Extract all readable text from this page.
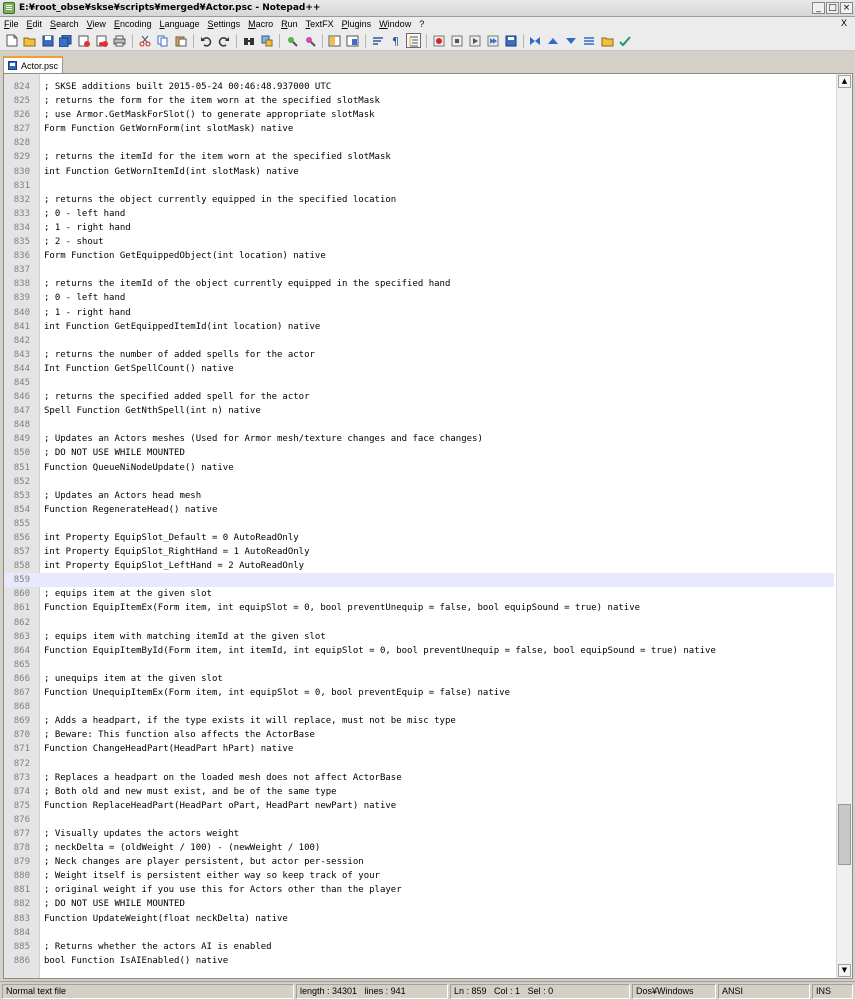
E:¥root_obse¥skse¥scripts¥merged¥Actor.psc - Notepad++	_ □ ×
File Edit Search View Encoding Language Settings Macro Run TextFX Plugins Window ?	X
¶
Actor.psc
824 ; SKSE additions built 2015-05-24 00:46:48.937000 UTC
825 ; returns the form for the item worn at the specified slotMask
826 ; use Armor.GetMaskForSlot() to generate appropriate slotMask
827 Form Function GetWornForm(int slotMask) native
828
829 ; returns the itemId for the item worn at the specified slotMask
830 int Function GetWornItemId(int slotMask) native
831
832 ; returns the object currently equipped in the specified location
833 ; 0 - left hand
834 ; 1 - right hand
835 ; 2 - shout
836 Form Function GetEquippedObject(int location) native
837
838 ; returns the itemId of the object currently equipped in the specified hand
839 ; 0 - left hand
840 ; 1 - right hand
841 int Function GetEquippedItemId(int location) native
842
843 ; returns the number of added spells for the actor
844 Int Function GetSpellCount() native
845
846 ; returns the specified added spell for the actor
847 Spell Function GetNthSpell(int n) native
848
849 ; Updates an Actors meshes (Used for Armor mesh/texture changes and face changes)
850 ; DO NOT USE WHILE MOUNTED
851 Function QueueNiNodeUpdate() native
852
853 ; Updates an Actors head mesh
854 Function RegenerateHead() native
855
856 int Property EquipSlot_Default = 0 AutoReadOnly
857 int Property EquipSlot_RightHand = 1 AutoReadOnly
858 int Property EquipSlot_LeftHand = 2 AutoReadOnly
859
860 ; equips item at the given slot
861 Function EquipItemEx(Form item, int equipSlot = 0, bool preventUnequip = false, bool equipSound = true) native
862
863 ; equips item with matching itemId at the given slot
864 Function EquipItemById(Form item, int itemId, int equipSlot = 0, bool preventUnequip = false, bool equipSound = true) native
865
866 ; unequips item at the given slot
867 Function UnequipItemEx(Form item, int equipSlot = 0, bool preventEquip = false) native
868
869 ; Adds a headpart, if the type exists it will replace, must not be misc type
870 ; Beware: This function also affects the ActorBase
871 Function ChangeHeadPart(HeadPart hPart) native
872
873 ; Replaces a headpart on the loaded mesh does not affect ActorBase
874 ; Both old and new must exist, and be of the same type
875 Function ReplaceHeadPart(HeadPart oPart, HeadPart newPart) native
876
877 ; Visually updates the actors weight
878 ; neckDelta = (oldWeight / 100) - (newWeight / 100)
879 ; Neck changes are player persistent, but actor per-session
880 ; Weight itself is persistent either way so keep track of your
881 ; original weight if you use this for Actors other than the player
882 ; DO NOT USE WHILE MOUNTED
883 Function UpdateWeight(float neckDelta) native
884
885 ; Returns whether the actors AI is enabled
886 bool Function IsAIEnabled() native
▲
▼
Normal text file	length : 34301 lines : 941	Ln : 859 Col : 1 Sel : 0	Dos¥Windows	ANSI	INS
